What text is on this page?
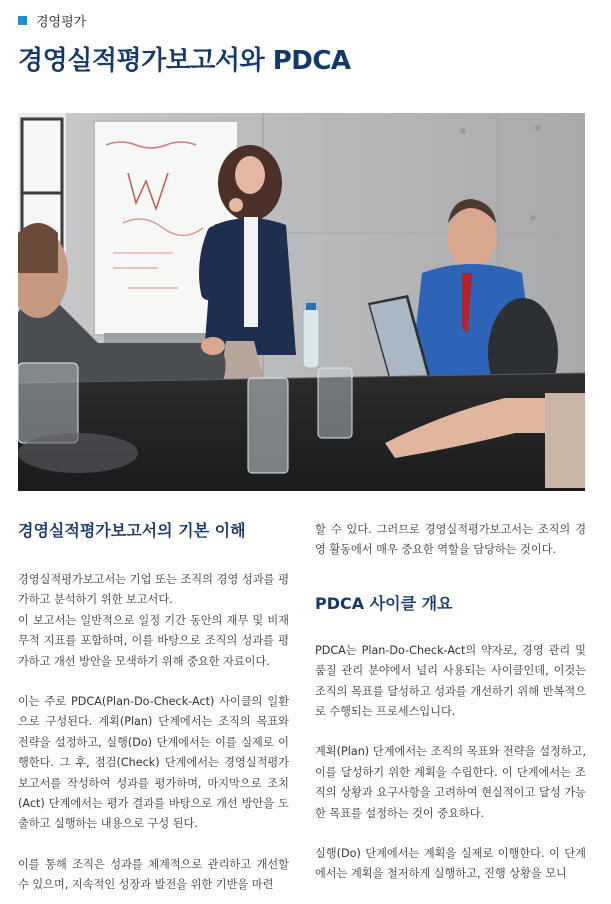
경영평가
경영실적평가보고서와 PDCA
경영실적평가보고서의 기본 이해

경영실적평가보고서는 기업 또는 조직의 경영 성과를 평가하고 분석하기 위한 보고서다.
이 보고서는 일반적으로 일정 기간 동안의 재무 및 비재무적 지표를 포함하며, 이를 바탕으로 조직의 성과를 평가하고 개선 방안을 모색하기 위해 중요한 자료이다.

이는 주로 PDCA(Plan-Do-Check-Act) 사이클의 일환으로 구성된다. 계획(Plan) 단계에서는 조직의 목표와 전략을 설정하고, 실행(Do) 단계에서는 이를 실제로 이행한다. 그 후, 점검(Check) 단계에서는 경영실적평가보고서를 작성하여 성과를 평가하며, 마지막으로 조치(Act) 단계에서는 평가 결과를 바탕으로 개선 방안을 도출하고 실행하는 내용으로 구성 된다.

이를 통해 조직은 성과를 체계적으로 관리하고 개선할 수 있으며, 지속적인 성장과 발전을 위한 기반을 마련

할 수 있다. 그러므로 경영실적평가보고서는 조직의 경영 활동에서 매우 중요한 역할을 담당하는 것이다.

PDCA 사이클 개요

PDCA는 Plan-Do-Check-Act의 약자로, 경영 관리 및 품질 관리 분야에서 널리 사용되는 사이클인데, 이것는 조직의 목표를 달성하고 성과를 개선하기 위해 반복적으로 수행되는 프로세스입니다.

계획(Plan) 단계에서는 조직의 목표와 전략을 설정하고, 이를 달성하기 위한 계획을 수립한다. 이 단계에서는 조직의 상황과 요구사항을 고려하여 현실적이고 달성 가능한 목표를 설정하는 것이 중요하다.

실행(Do) 단계에서는 계획을 실제로 이행한다. 이 단계에서는 계획을 철저하게 실행하고, 진행 상황을 모니
